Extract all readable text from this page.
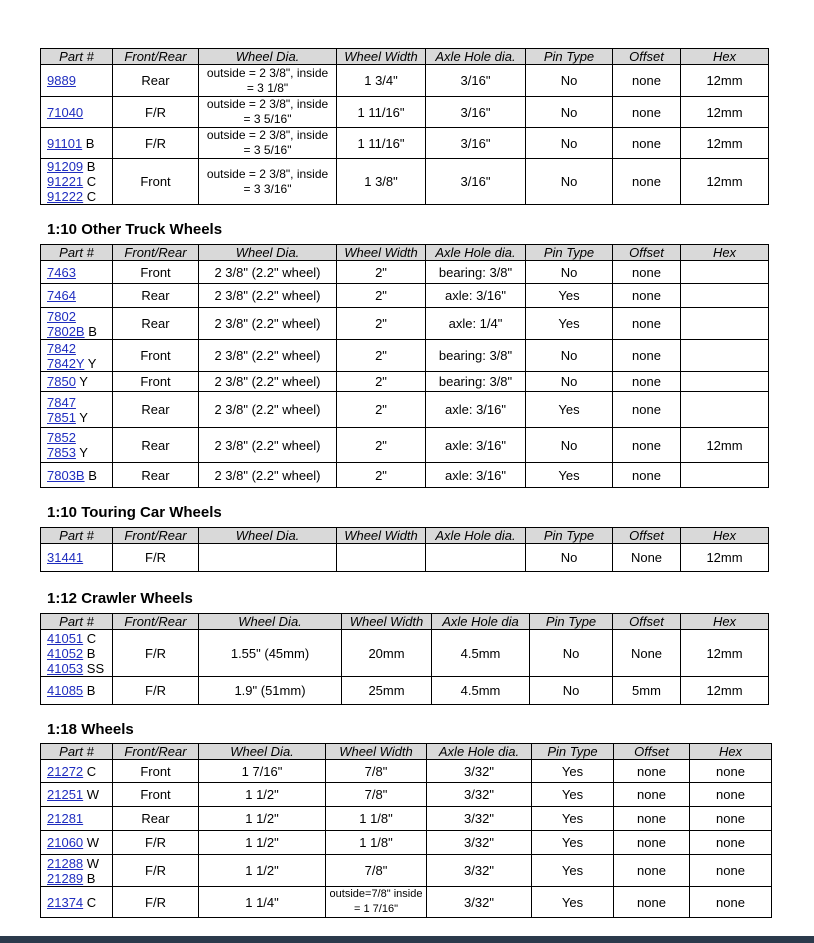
Part #	Front/Rear	Wheel Dia.	Wheel Width	Axle Hole dia.	Pin Type	Offset	Hex

9889	Rear	outside = 2 3/8", inside = 3 1/8"	1 3/4"	3/16"	No	none	12mm

71040	F/R	outside = 2 3/8", inside = 3 5/16"	1 11/16"	3/16"	No	none	12mm

91101 B	F/R	outside = 2 3/8", inside = 3 5/16"	1 11/16"	3/16"	No	none	12mm

91209 B
91221 C
91222 C	Front	outside = 2 3/8", inside = 3 3/16"	1 3/8"	3/16"	No	none	12mm
1:10 Other Truck Wheels
Part #	Front/Rear	Wheel Dia.	Wheel Width	Axle Hole dia.	Pin Type	Offset	Hex

7463	Front	2 3/8" (2.2" wheel)	2"	bearing: 3/8"	No	none	

7464	Rear	2 3/8" (2.2" wheel)	2"	axle: 3/16"	Yes	none	

7802
7802B B	Rear	2 3/8" (2.2" wheel)	2"	axle: 1/4"	Yes	none	

7842
7842Y Y	Front	2 3/8" (2.2" wheel)	2"	bearing: 3/8"	No	none	

7850 Y	Front	2 3/8" (2.2" wheel)	2"	bearing: 3/8"	No	none	

7847
7851 Y	Rear	2 3/8" (2.2" wheel)	2"	axle: 3/16"	Yes	none	

7852
7853 Y	Rear	2 3/8" (2.2" wheel)	2"	axle: 3/16"	No	none	12mm

7803B B	Rear	2 3/8" (2.2" wheel)	2"	axle: 3/16"	Yes	none	
1:10 Touring Car Wheels
Part #	Front/Rear	Wheel Dia.	Wheel Width	Axle Hole dia.	Pin Type	Offset	Hex

31441	F/R				No	None	12mm
1:12 Crawler Wheels
Part #	Front/Rear	Wheel Dia.	Wheel Width	Axle Hole dia	Pin Type	Offset	Hex

41051 C
41052 B
41053 SS	F/R	1.55" (45mm)	20mm	4.5mm	No	None	12mm

41085 B	F/R	1.9" (51mm)	25mm	4.5mm	No	5mm	12mm
1:18 Wheels
Part #	Front/Rear	Wheel Dia.	Wheel Width	Axle Hole dia.	Pin Type	Offset	Hex

21272 C	Front	1 7/16"	7/8"	3/32"	Yes	none	none

21251 W	Front	1 1/2"	7/8"	3/32"	Yes	none	none

21281	Rear	1 1/2"	1 1/8"	3/32"	Yes	none	none

21060 W	F/R	1 1/2"	1 1/8"	3/32"	Yes	none	none

21288 W
21289 B	F/R	1 1/2"	7/8"	3/32"	Yes	none	none

21374 C	F/R	1 1/4"	outside=7/8" inside = 1 7/16"	3/32"	Yes	none	none
